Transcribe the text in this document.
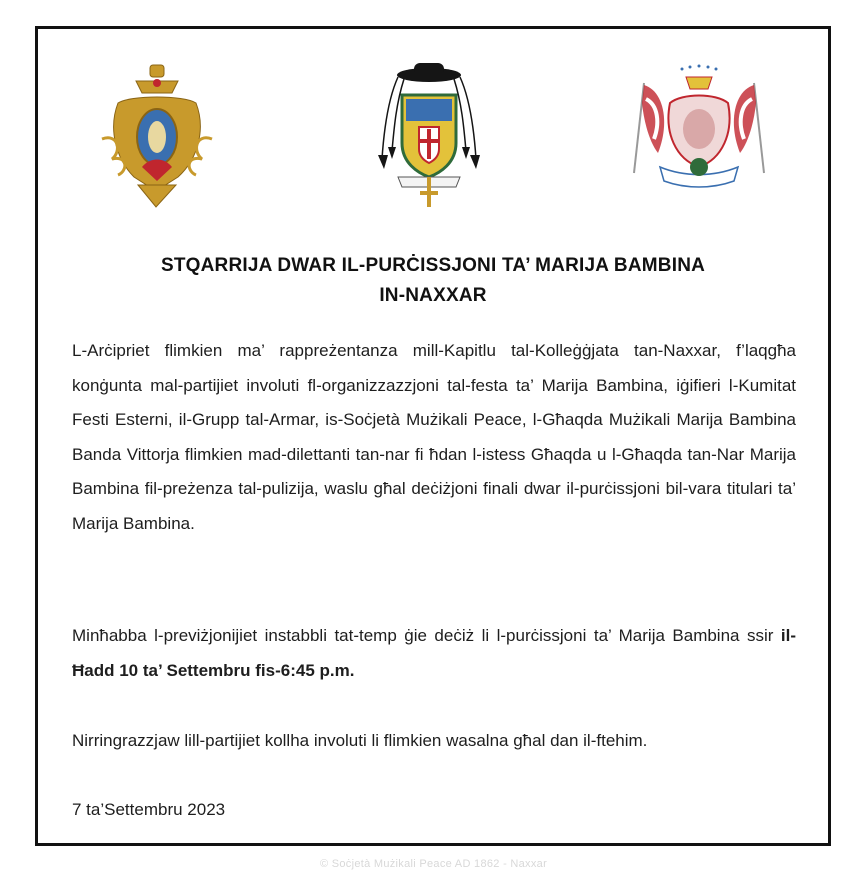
STQARRIJA DWAR IL-PURĊISSJONI TA’ MARIJA BAMBINA
IN-NAXXAR

L-Arċipriet flimkien ma’ rappreżentanza mill-Kapitlu tal-Kolleġġjata tan-Naxxar, f’laqgħa konġunta mal-partijiet involuti fl-organizzazzjoni tal-festa ta’ Marija Bambina, iġifieri l-Kumitat Festi Esterni, il-Grupp tal-Armar, is-Soċjetà Mużikali Peace, l-Għaqda Mużikali Marija Bambina Banda Vittorja flimkien mad-dilettanti tan-nar fi ħdan l-istess Għaqda u l-Għaqda tan-Nar Marija Bambina fil-preżenza tal-pulizija, waslu għal deċiżjoni finali dwar il-purċissjoni bil-vara titulari ta’ Marija Bambina.

Minħabba l-previżjonijiet instabbli tat-temp ġie deċiż li l-purċissjoni ta’ Marija Bambina ssir il-Ħadd 10 ta’ Settembru fis-6:45 p.m.

Nirringrazzjaw lill-partijiet kollha involuti li flimkien wasalna għal dan il-ftehim.

7 ta’Settembru 2023
© Soċjetà Mużikali Peace AD 1862 - Naxxar
